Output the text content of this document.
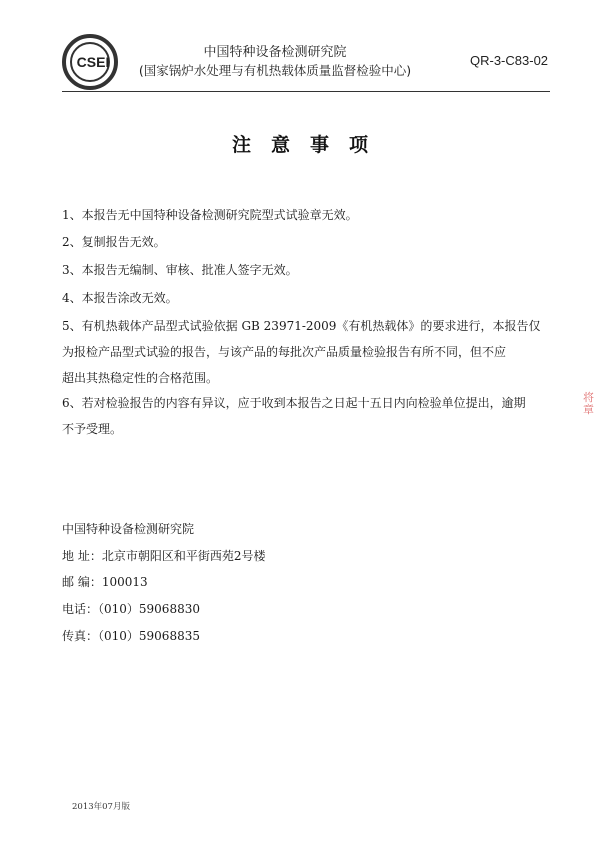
CSEI
中国特种设备检测研究院
(国家锅炉水处理与有机热载体质量监督检验中心)
QR-3-C83-02
注意事项
1、本报告无中国特种设备检测研究院型式试验章无效。
2、复制报告无效。
3、本报告无编制、审核、批准人签字无效。
4、本报告涂改无效。
5、有机热载体产品型式试验依据 GB 23971-2009《有机热载体》的要求进行，本报告仅
为报检产品型式试验的报告，与该产品的每批次产品质量检验报告有所不同，但不应
超出其热稳定性的合格范围。
6、若对检验报告的内容有异议，应于收到本报告之日起十五日内向检验单位提出，逾期
不予受理。
中国特种设备检测研究院
地 址：北京市朝阳区和平街西苑2号楼
邮 编：100013
电话：（010）59068830
传真：（010）59068835
2013年07月版
将 章
